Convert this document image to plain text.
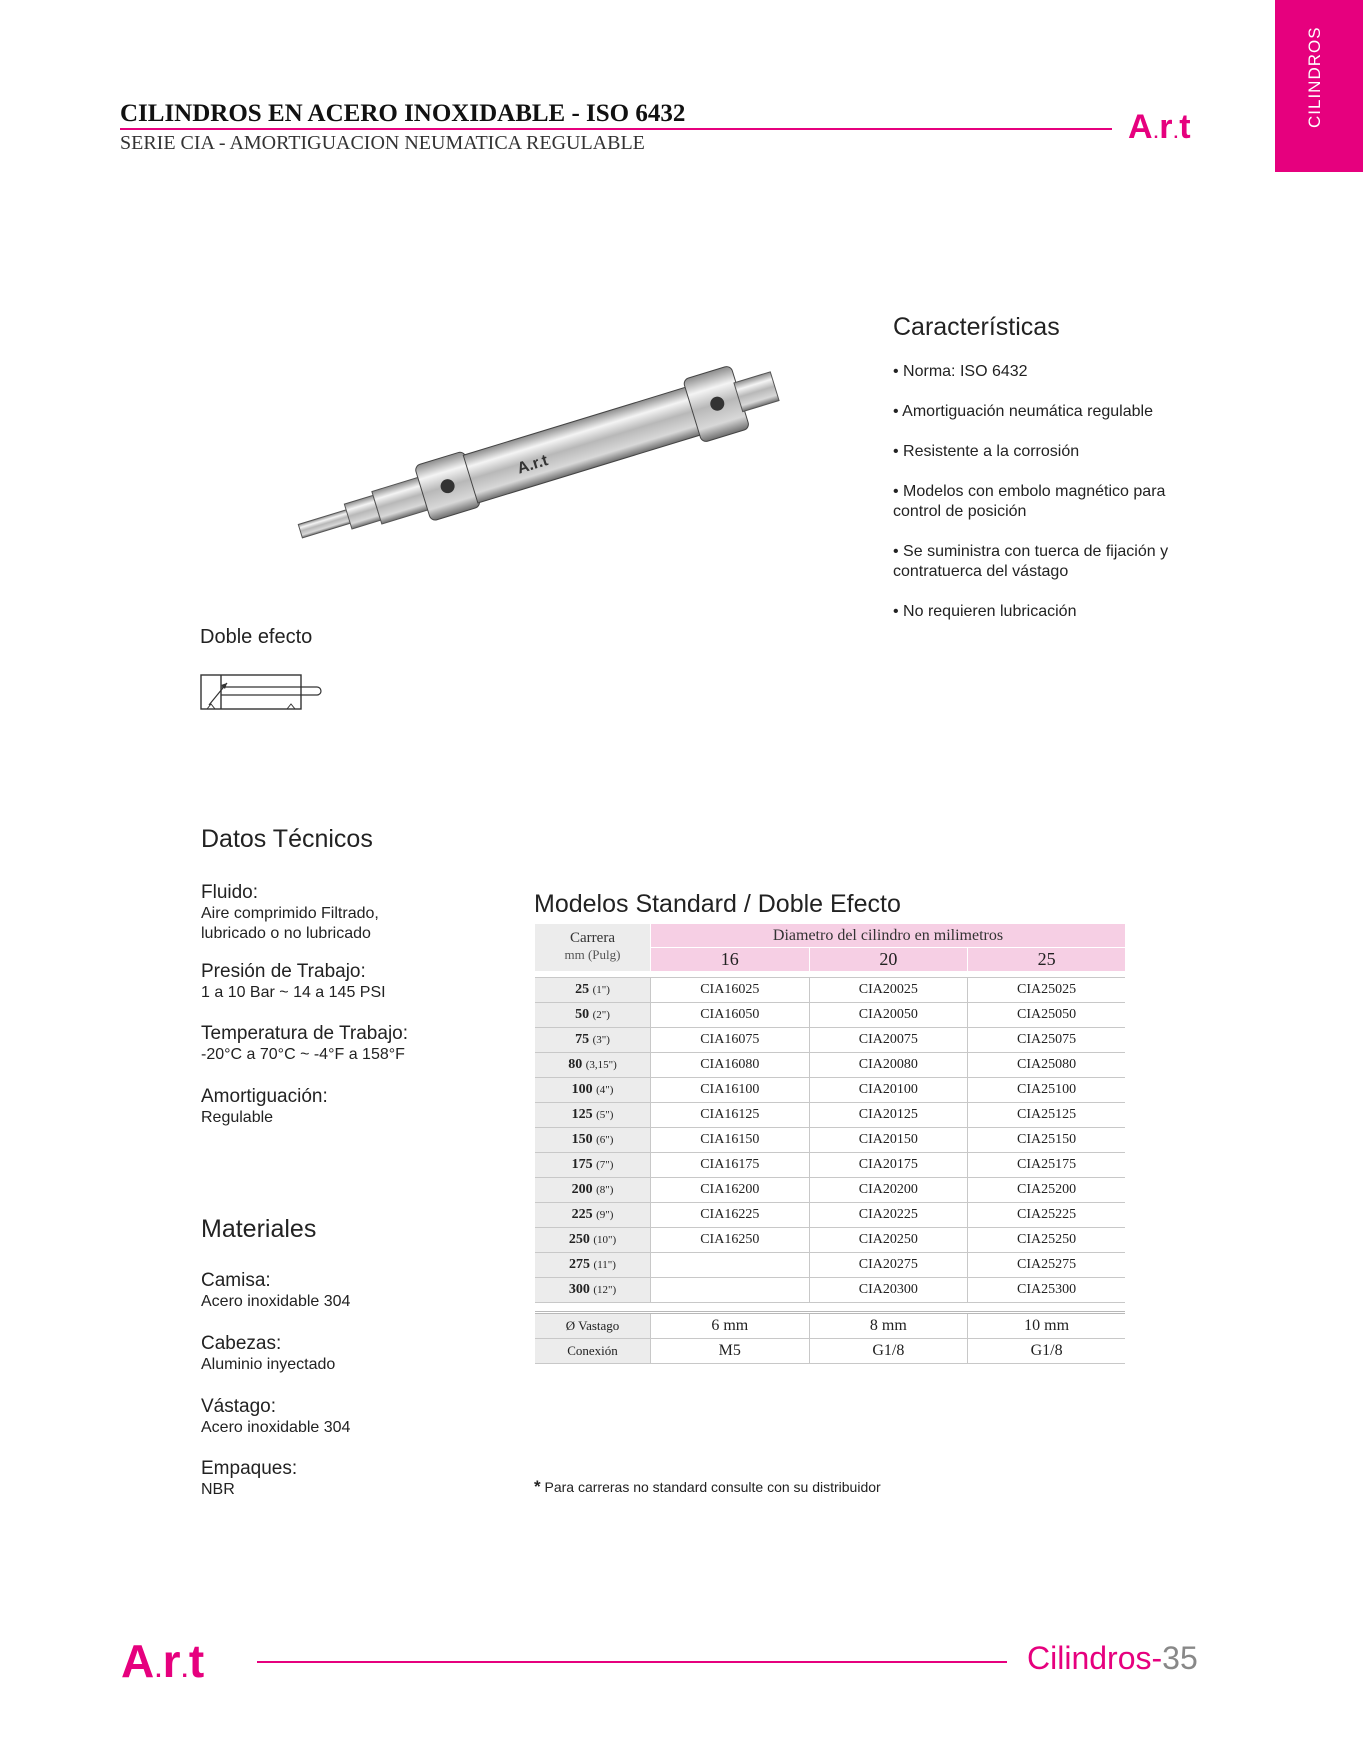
CILINDROS
CILINDROS EN ACERO INOXIDABLE - ISO 6432
SERIE CIA - AMORTIGUACION NEUMATICA REGULABLE	A.r.t
A.r.t
Doble efecto
Características
• Norma: ISO 6432
• Amortiguación neumática regulable
• Resistente a la corrosión
• Modelos con embolo magnético para
control de posición
• Se suministra con tuerca de fijación y
contratuerca del vástago
• No requieren lubricación
Datos Técnicos
Fluido:
Aire comprimido Filtrado,
lubricado o no lubricado
Presión de Trabajo:
1 a 10 Bar ~ 14 a 145 PSI
Temperatura de Trabajo:
-20°C a 70°C ~ -4°F a 158°F
Amortiguación:
Regulable
Materiales
Camisa:
Acero inoxidable 304
Cabezas:
Aluminio inyectado
Vástago:
Acero inoxidable 304
Empaques:
NBR
Modelos Standard / Doble Efecto
Carrera
mm (Pulg)	Diametro del cilindro en milimetros		
	16	20	25

25 (1")	CIA16025	CIA20025	CIA25025
50 (2")	CIA16050	CIA20050	CIA25050
75 (3")	CIA16075	CIA20075	CIA25075
80 (3,15")	CIA16080	CIA20080	CIA25080
100 (4")	CIA16100	CIA20100	CIA25100
125 (5")	CIA16125	CIA20125	CIA25125
150 (6")	CIA16150	CIA20150	CIA25150
175 (7")	CIA16175	CIA20175	CIA25175
200 (8")	CIA16200	CIA20200	CIA25200
225 (9")	CIA16225	CIA20225	CIA25225
250 (10")	CIA16250	CIA20250	CIA25250
275 (11")		CIA20275	CIA25275
300 (12")		CIA20300	CIA25300

Ø Vastago	6 mm	8 mm	10 mm
Conexión	M5	G1/8	G1/8
* Para carreras no standard consulte con su distribuidor
A.r.t	Cilindros-35
